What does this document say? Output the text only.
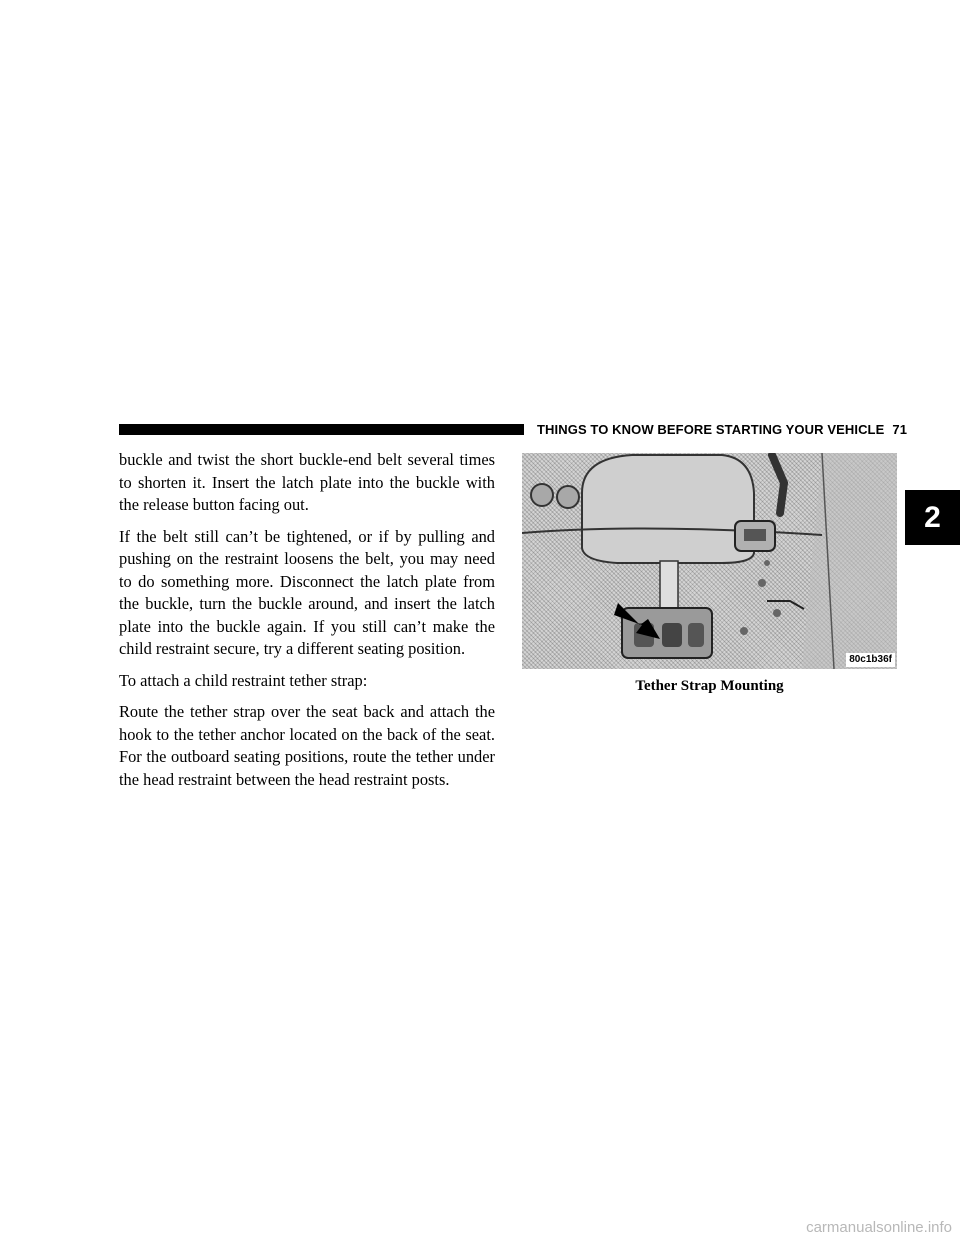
THINGS TO KNOW BEFORE STARTING YOUR VEHICLE 71

buckle and twist the short buckle-end belt several times to shorten it. Insert the latch plate into the buckle with the release button facing out.

If the belt still can’t be tightened, or if by pulling and pushing on the restraint loosens the belt, you may need to do something more. Disconnect the latch plate from the buckle, turn the buckle around, and insert the latch plate into the buckle again. If you still can’t make the child restraint secure, try a different seating position.

To attach a child restraint tether strap:

Route the tether strap over the seat back and attach the hook to the tether anchor located on the back of the seat. For the outboard seating positions, route the tether under the head restraint between the head restraint posts.

80c1b36f
Tether Strap Mounting
2
carmanualsonline.info
